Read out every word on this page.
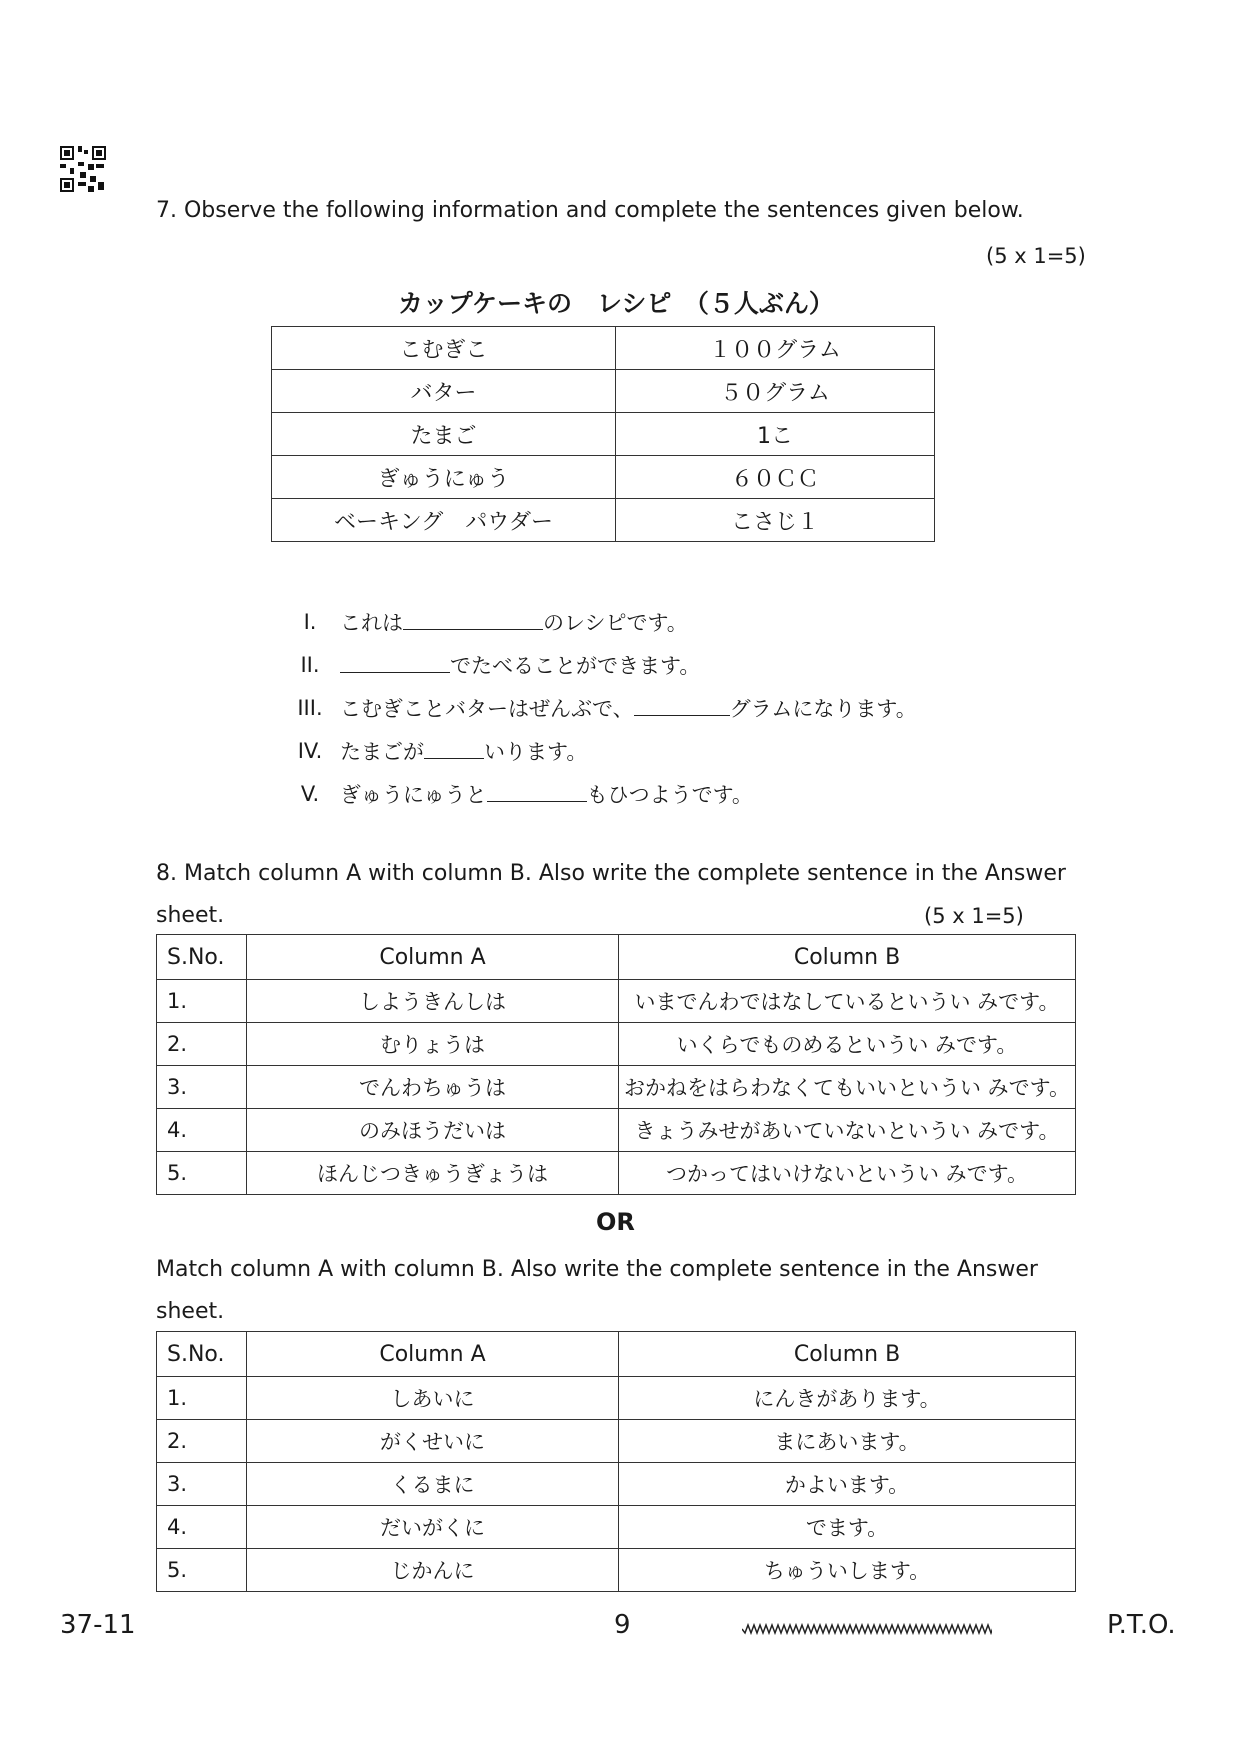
7. Observe the following information and complete the sentences given below.
(5 x 1=5)
カップケーキの　レシピ　（５人ぶん）
こむぎこ	１００グラム
バター	５０グラム
たまご	1こ
ぎゅうにゅう	６０ＣＣ
ベーキング　パウダー	こさじ１
I.	これは	のレシピです。
II.	でたべることができます。
III. こむぎことバターはぜんぶで、	グラムになります。
IV. たまごが	いります。
V. ぎゅうにゅうと	もひつようです。
8. Match column A with column B. Also write the complete sentence in the Answer
sheet.	(5 x 1=5)
S.No.	Column A	Column B
1.	しようきんしは	いまでんわではなしているというい みです。
2.	むりょうは	いくらでものめるというい みです。
3.	でんわちゅうは	おかねをはらわなくてもいいというい みです。
4.	のみほうだいは	きょうみせがあいていないというい みです。
5.	ほんじつきゅうぎょうは	つかってはいけないというい みです。
OR
Match column A with column B. Also write the complete sentence in the Answer
sheet.
S.No.	Column A	Column B
1.	しあいに	にんきがあります。
2.	がくせいに	まにあいます。
3.	くるまに	かよいます。
4.	だいがくに	でます。
5.	じかんに	ちゅういします。
37-11	9	P.T.O.
